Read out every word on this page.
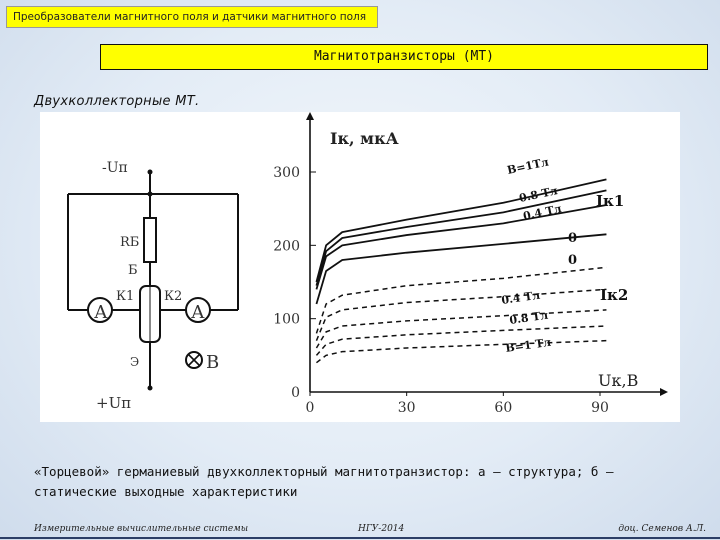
Преобразователи магнитного поля и датчики магнитного поля
Магнитотранзисторы (МТ)
Двухколлекторные МТ.
-Uп
RБ
Б
К1 К2
А	А
Э	B
+Uп	0	30	60	90
0
100
200
300
Iк, мкА
Uк,В
B=1Тл
0.8 Тл
0.4 Тл
Iк1
0
0
0.4 Тл	Iк2
0.8 Тл
B=1 Тл
«Торцевой» германиевый двухколлекторный магнитотранзистор: а – структура; б – статические выходные характеристики
Измерительные вычислительные системы	НГУ-2014	доц. Семенов А.Л.
